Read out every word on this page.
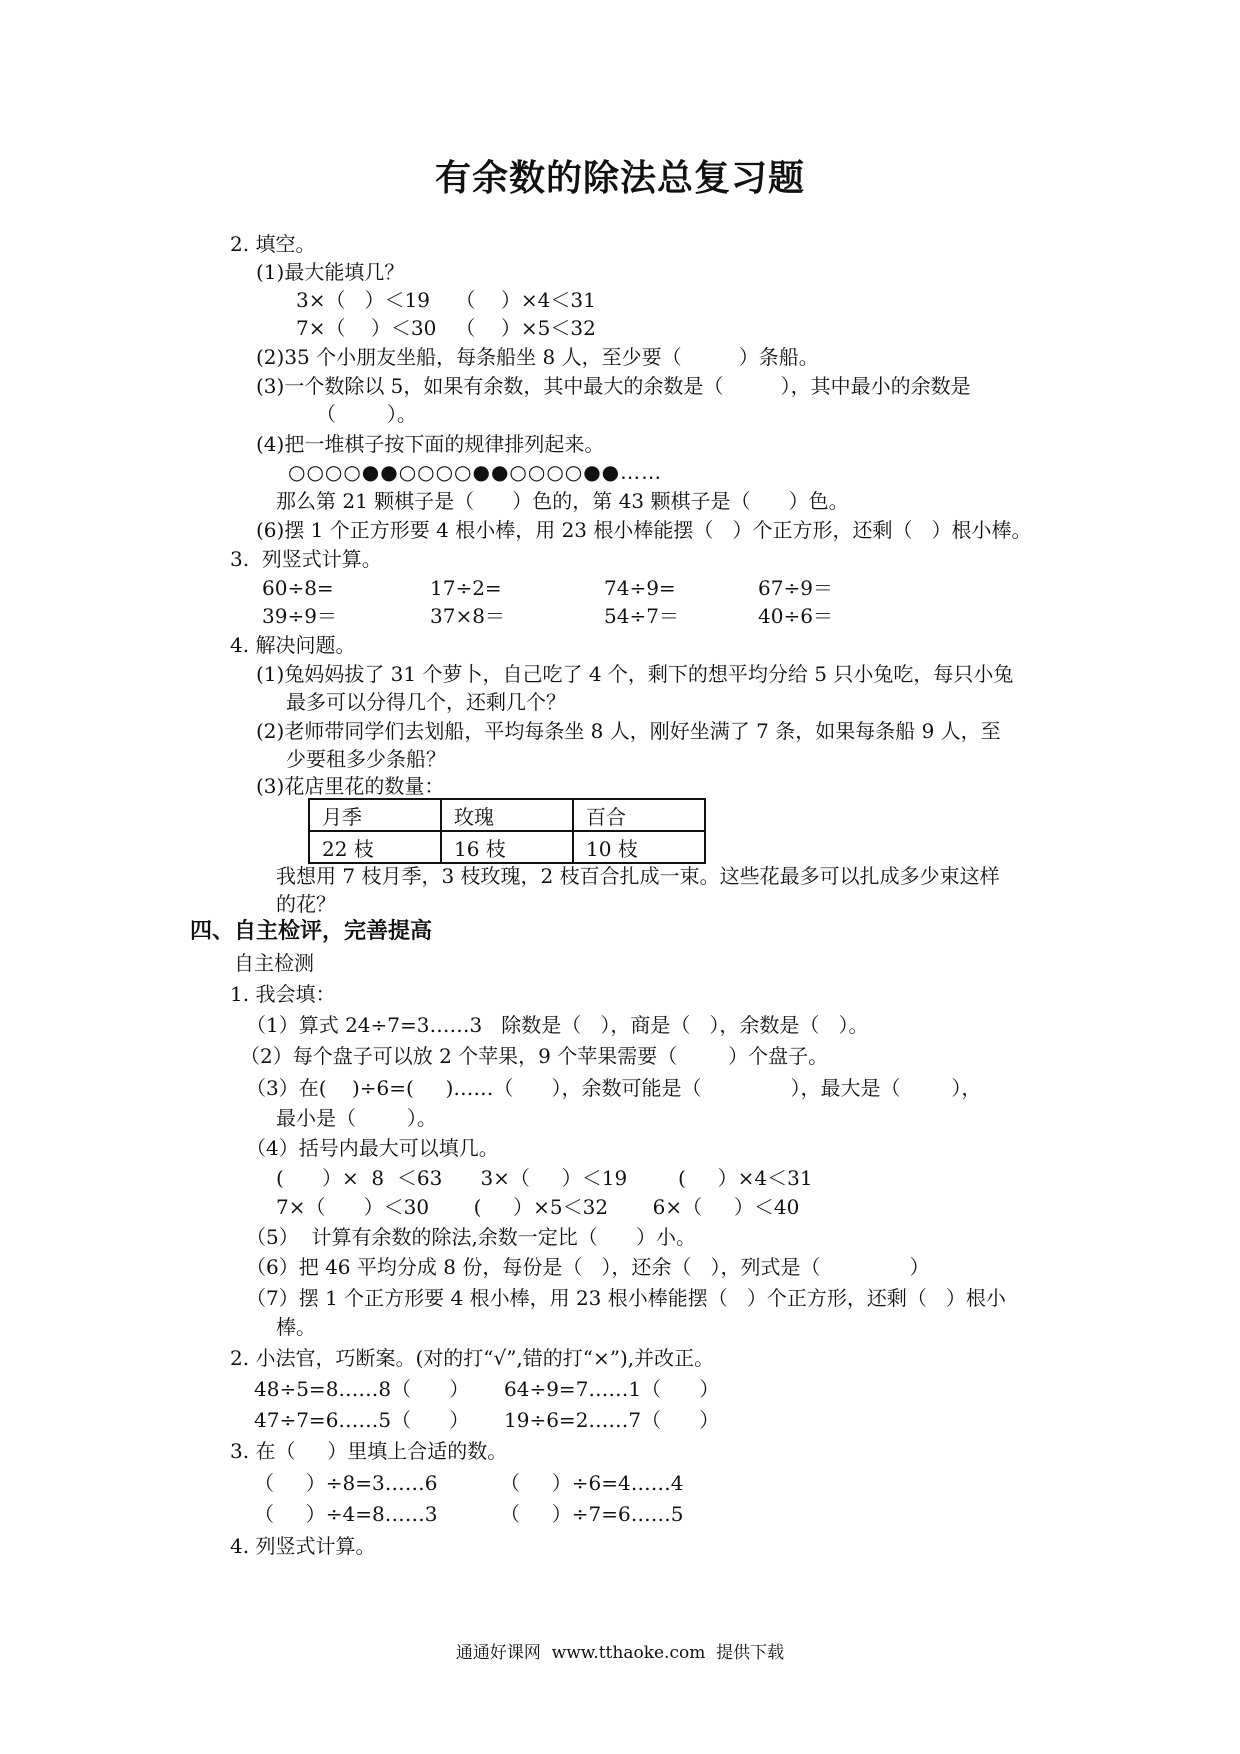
有余数的除法总复习题
2. 填空。
(1)最大能填几？
3×（   ）＜19    （    ）×4＜31
7×（    ）＜30   （    ）×5＜32
(2)35 个小朋友坐船，每条船坐 8 人，至少要（         ）条船。
(3)一个数除以 5，如果有余数，其中最大的余数是（         ），其中最小的余数是
（        ）。
(4)把一堆棋子按下面的规律排列起来。
○○○○●●○○○○●●○○○○●●……
那么第 21 颗棋子是（      ）色的，第 43 颗棋子是（      ）色。
(6)摆 1 个正方形要 4 根小棒，用 23 根小棒能摆（   ）个正方形，还剩（   ）根小棒。
3.  列竖式计算。
60÷8=	17÷2=	74÷9=	67÷9＝
39÷9＝	37×8＝	54÷7＝	40÷6＝
4. 解决问题。
(1)兔妈妈拔了 31 个萝卜，自己吃了 4 个，剩下的想平均分给 5 只小兔吃，每只小兔
最多可以分得几个，还剩几个？
(2)老师带同学们去划船，平均每条坐 8 人，刚好坐满了 7 条，如果每条船 9 人，至
少要租多少条船？
(3)花店里花的数量：
月季	玫瑰	百合
22 枝	16 枝	10 枝
我想用 7 枝月季，3 枝玫瑰，2 枝百合扎成一束。这些花最多可以扎成多少束这样
的花？
四、自主检评，完善提高
自主检测
1. 我会填：
（1）算式 24÷7=3……3   除数是（   ），商是（   ），余数是（   ）。
（2）每个盘子可以放 2 个苹果，9 个苹果需要（        ）个盘子。
（3）在(    )÷6=(     )……（      ），余数可能是（              ），最大是（        ），
最小是（        ）。
（4）括号内最大可以填几。
(      ）×  8  ＜63      3×（     ）＜19        (     ）×4＜31
7×（      ）＜30       (     ）×5＜32       6×（     ）＜40
（5）  计算有余数的除法,余数一定比（      ）小。
（6）把 46 平均分成 8 份，每份是（   ），还余（   ），列式是（              ）
（7）摆 1 个正方形要 4 根小棒，用 23 根小棒能摆（   ）个正方形，还剩（   ）根小
棒。
2. 小法官，巧断案。(对的打“√”,错的打“×”),并改正。
48÷5=8……8（      ） 64÷9=7……1（      ）
47÷7=6……5（      ） 19÷6=2……7（      ）
3. 在（     ）里填上合适的数。
（     ）÷8=3……6	（     ）÷6=4……4
（     ）÷4=8……3	（     ）÷7=6……5
4. 列竖式计算。
通通好课网  www.tthaoke.com  提供下载
